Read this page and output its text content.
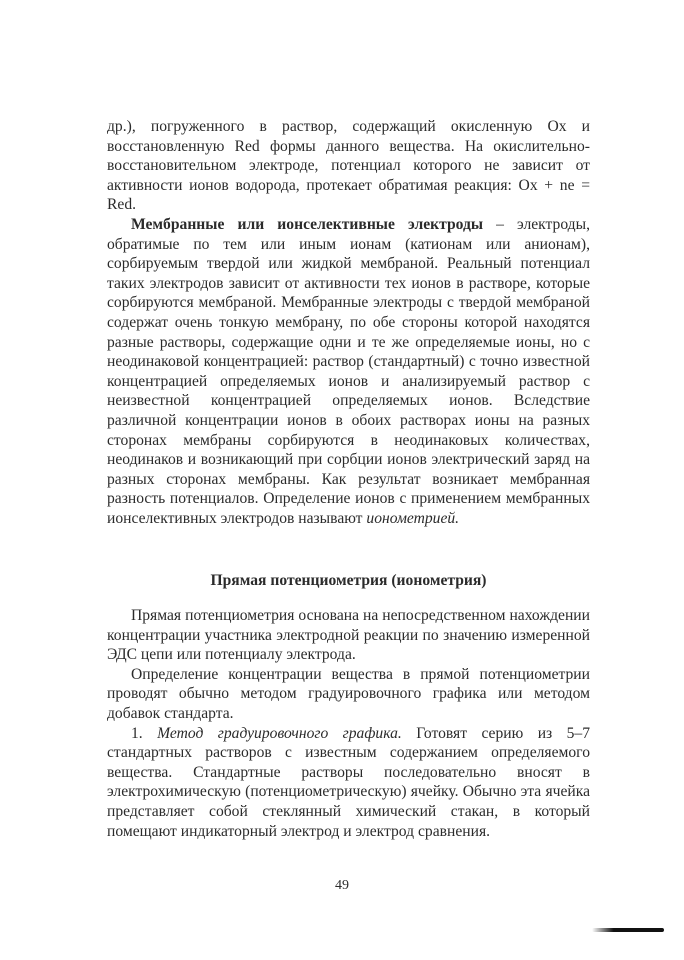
др.), погруженного в раствор, содержащий окисленную Ox и восстановленную Red формы данного вещества. На окислительно-восстановительном электроде, потенциал которого не зависит от активности ионов водорода, протекает обратимая реакция: Ox + ne = Red.

Мембранные или ионселективные электроды – электроды, обратимые по тем или иным ионам (катионам или анионам), сорбируемым твердой или жидкой мембраной. Реальный потенциал таких электродов зависит от активности тех ионов в растворе, которые сорбируются мембраной. Мембранные электроды с твердой мембраной содержат очень тонкую мембрану, по обе стороны которой находятся разные растворы, содержащие одни и те же определяемые ионы, но с неодинаковой концентрацией: раствор (стандартный) с точно известной концентрацией определяемых ионов и анализируемый раствор с неизвестной концентрацией определяемых ионов. Вследствие различной концентрации ионов в обоих растворах ионы на разных сторонах мембраны сорбируются в неодинаковых количествах, неодинаков и возникающий при сорбции ионов электрический заряд на разных сторонах мембраны. Как результат возникает мембранная разность потенциалов. Определение ионов с применением мембранных ионселективных электродов называют ионометрией.

Прямая потенциометрия (ионометрия)

Прямая потенциометрия основана на непосредственном нахождении концентрации участника электродной реакции по значению измеренной ЭДС цепи или потенциалу электрода.

Определение концентрации вещества в прямой потенциометрии проводят обычно методом градуировочного графика или методом добавок стандарта.

1. Метод градуировочного графика. Готовят серию из 5–7 стандартных растворов с известным содержанием определяемого вещества. Стандартные растворы последовательно вносят в электрохимическую (потенциометрическую) ячейку. Обычно эта ячейка представляет собой стеклянный химический стакан, в который помещают индикаторный электрод и электрод сравнения.

49
